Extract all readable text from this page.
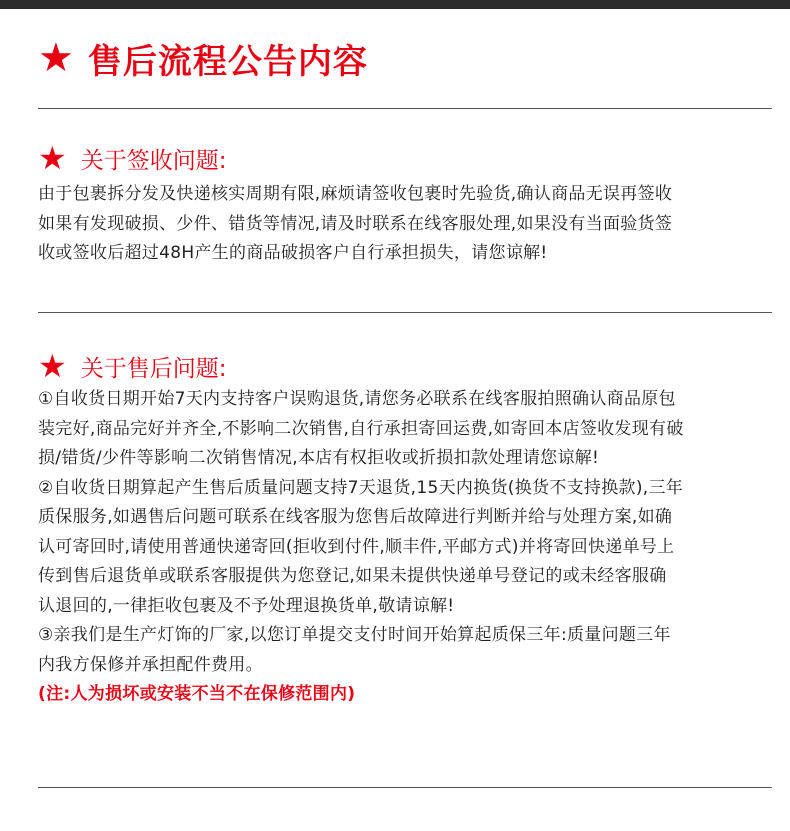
★ 售后流程公告内容
★ 关于签收问题:
由于包裹拆分发及快递核实周期有限,麻烦请签收包裹时先验货,确认商品无误再签收
如果有发现破损、少件、错货等情况,请及时联系在线客服处理,如果没有当面验货签
收或签收后超过48H产生的商品破损客户自行承担损失，请您谅解!
★ 关于售后问题:
①自收货日期开始7天内支持客户误购退货,请您务必联系在线客服拍照确认商品原包
装完好,商品完好并齐全,不影响二次销售,自行承担寄回运费,如寄回本店签收发现有破
损/错货/少件等影响二次销售情况,本店有权拒收或折损扣款处理请您谅解!
②自收货日期算起产生售后质量问题支持7天退货,15天内换货(换货不支持换款),三年
质保服务,如遇售后问题可联系在线客服为您售后故障进行判断并给与处理方案,如确
认可寄回时,请使用普通快递寄回(拒收到付件,顺丰件,平邮方式)并将寄回快递单号上
传到售后退货单或联系客服提供为您登记,如果未提供快递单号登记的或未经客服确
认退回的,一律拒收包裹及不予处理退换货单,敬请谅解!
③亲我们是生产灯饰的厂家,以您订单提交支付时间开始算起质保三年:质量问题三年
内我方保修并承担配件费用。
(注:人为损坏或安装不当不在保修范围内)
